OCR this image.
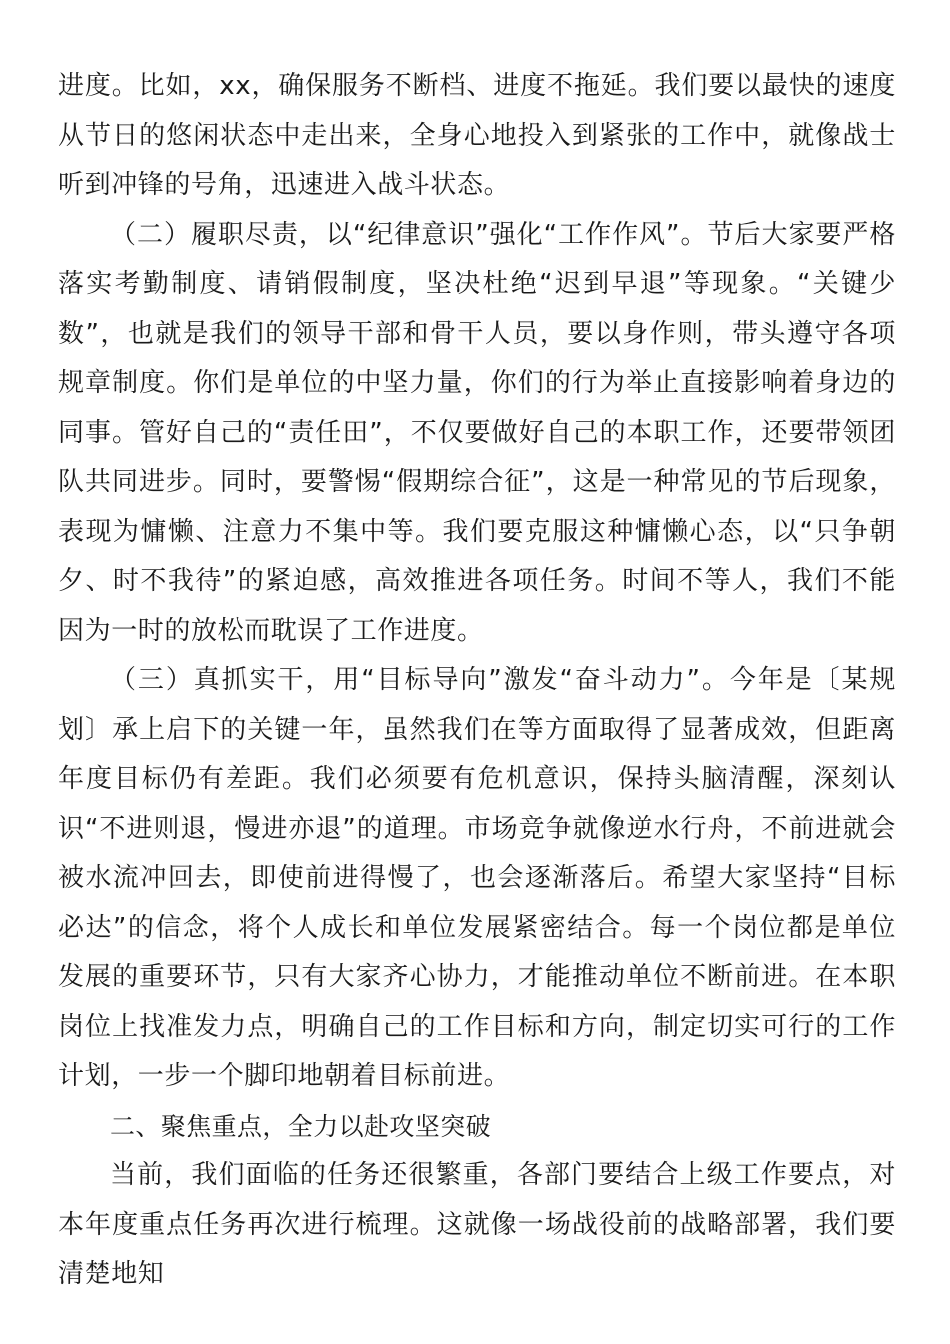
进度。比如，xx，确保服务不断档、进度不拖延。我们要以最快的速度从节日的悠闲状态中走出来，全身心地投入到紧张的工作中，就像战士听到冲锋的号角，迅速进入战斗状态。

（二）履职尽责，以“纪律意识”强化“工作作风”。节后大家要严格落实考勤制度、请销假制度，坚决杜绝“迟到早退”等现象。“关键少数”，也就是我们的领导干部和骨干人员，要以身作则，带头遵守各项规章制度。你们是单位的中坚力量，你们的行为举止直接影响着身边的同事。管好自己的“责任田”，不仅要做好自己的本职工作，还要带领团队共同进步。同时，要警惕“假期综合征”，这是一种常见的节后现象，表现为慵懒、注意力不集中等。我们要克服这种慵懒心态，以“只争朝夕、时不我待”的紧迫感，高效推进各项任务。时间不等人，我们不能因为一时的放松而耽误了工作进度。

（三）真抓实干，用“目标导向”激发“奋斗动力”。今年是〔某规划〕承上启下的关键一年，虽然我们在等方面取得了显著成效，但距离年度目标仍有差距。我们必须要有危机意识，保持头脑清醒，深刻认识“不进则退，慢进亦退”的道理。市场竞争就像逆水行舟，不前进就会被水流冲回去，即使前进得慢了，也会逐渐落后。希望大家坚持“目标必达”的信念，将个人成长和单位发展紧密结合。每一个岗位都是单位发展的重要环节，只有大家齐心协力，才能推动单位不断前进。在本职岗位上找准发力点，明确自己的工作目标和方向，制定切实可行的工作计划，一步一个脚印地朝着目标前进。

二、聚焦重点，全力以赴攻坚突破

当前，我们面临的任务还很繁重，各部门要结合上级工作要点，对本年度重点任务再次进行梳理。这就像一场战役前的战略部署，我们要清楚地知
